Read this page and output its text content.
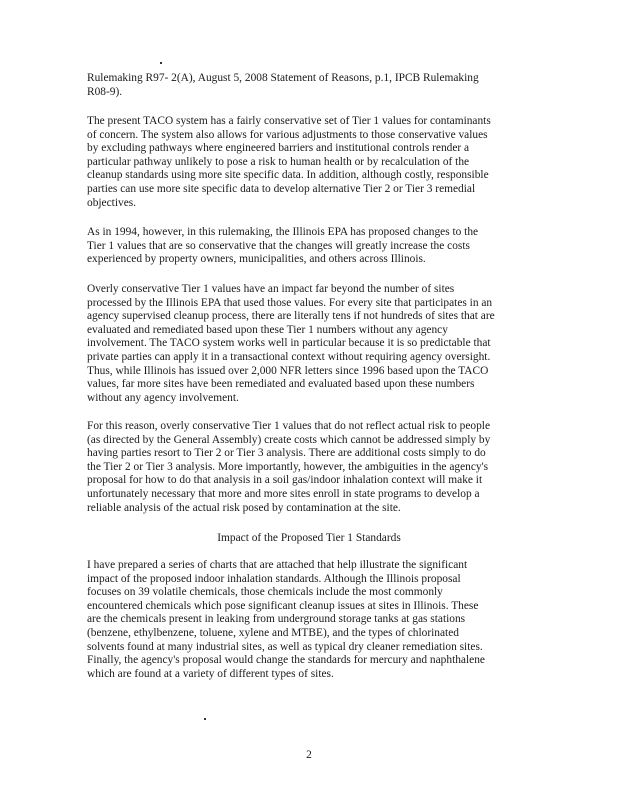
Rulemaking R97- 2(A), August 5, 2008 Statement of Reasons, p.1, IPCB Rulemaking
R08-9).
The present TACO system has a fairly conservative set of Tier 1 values for contaminants
of concern. The system also allows for various adjustments to those conservative values
by excluding pathways where engineered barriers and institutional controls render a
particular pathway unlikely to pose a risk to human health or by recalculation of the
cleanup standards using more site specific data. In addition, although costly, responsible
parties can use more site specific data to develop alternative Tier 2 or Tier 3 remedial
objectives.
As in 1994, however, in this rulemaking, the Illinois EPA has proposed changes to the
Tier 1 values that are so conservative that the changes will greatly increase the costs
experienced by property owners, municipalities, and others across Illinois.
Overly conservative Tier 1 values have an impact far beyond the number of sites
processed by the Illinois EPA that used those values. For every site that participates in an
agency supervised cleanup process, there are literally tens if not hundreds of sites that are
evaluated and remediated based upon these Tier 1 numbers without any agency
involvement. The TACO system works well in particular because it is so predictable that
private parties can apply it in a transactional context without requiring agency oversight.
Thus, while Illinois has issued over 2,000 NFR letters since 1996 based upon the TACO
values, far more sites have been remediated and evaluated based upon these numbers
without any agency involvement.
For this reason, overly conservative Tier 1 values that do not reflect actual risk to people
(as directed by the General Assembly) create costs which cannot be addressed simply by
having parties resort to Tier 2 or Tier 3 analysis. There are additional costs simply to do
the Tier 2 or Tier 3 analysis. More importantly, however, the ambiguities in the agency's
proposal for how to do that analysis in a soil gas/indoor inhalation context will make it
unfortunately necessary that more and more sites enroll in state programs to develop a
reliable analysis of the actual risk posed by contamination at the site.
Impact of the Proposed Tier 1 Standards
I have prepared a series of charts that are attached that help illustrate the significant
impact of the proposed indoor inhalation standards. Although the Illinois proposal
focuses on 39 volatile chemicals, those chemicals include the most commonly
encountered chemicals which pose significant cleanup issues at sites in Illinois. These
are the chemicals present in leaking from underground storage tanks at gas stations
(benzene, ethylbenzene, toluene, xylene and MTBE), and the types of chlorinated
solvents found at many industrial sites, as well as typical dry cleaner remediation sites.
Finally, the agency's proposal would change the standards for mercury and naphthalene
which are found at a variety of different types of sites.
2
